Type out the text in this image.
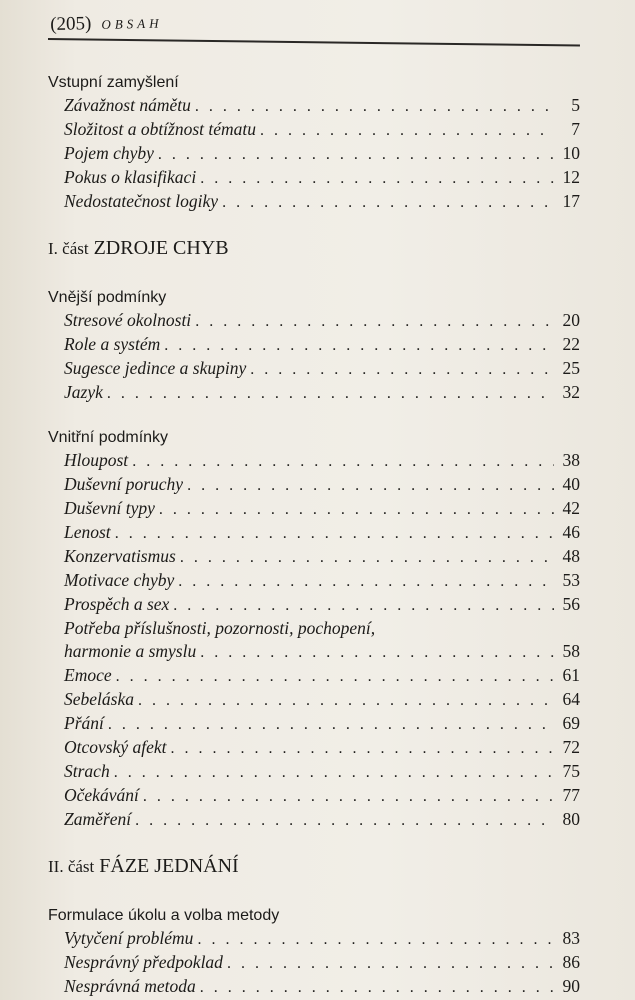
(205) OBSAH
Vstupní zamyšlení
Závažnost námětu . . .	5
Složitost a obtížnost tématu . . .	7
Pojem chyby . . .	10
Pokus o klasifikaci . . .	12
Nedostatečnost logiky . . .	17
I. část ZDROJE CHYB
Vnější podmínky
Stresové okolnosti . . .	20
Role a systém . . .	22
Sugesce jedince a skupiny . . .	25
Jazyk . . .	32
Vnitřní podmínky
Hloupost . . .	38
Duševní poruchy . . .	40
Duševní typy . . .	42
Lenost . . .	46
Konzervatismus . . .	48
Motivace chyby . . .	53
Prospěch a sex . . .	56
Potřeba příslušnosti, pozornosti, pochopení,
harmonie a smyslu . . .	58
Emoce . . .	61
Sebeláska . . .	64
Přání . . .	69
Otcovský afekt . . .	72
Strach . . .	75
Očekávání . . .	77
Zaměření . . .	80
II. část FÁZE JEDNÁNÍ
Formulace úkolu a volba metody
Vytyčení problému . . .	83
Nesprávný předpoklad . . .	86
Nesprávná metoda . . .	90
